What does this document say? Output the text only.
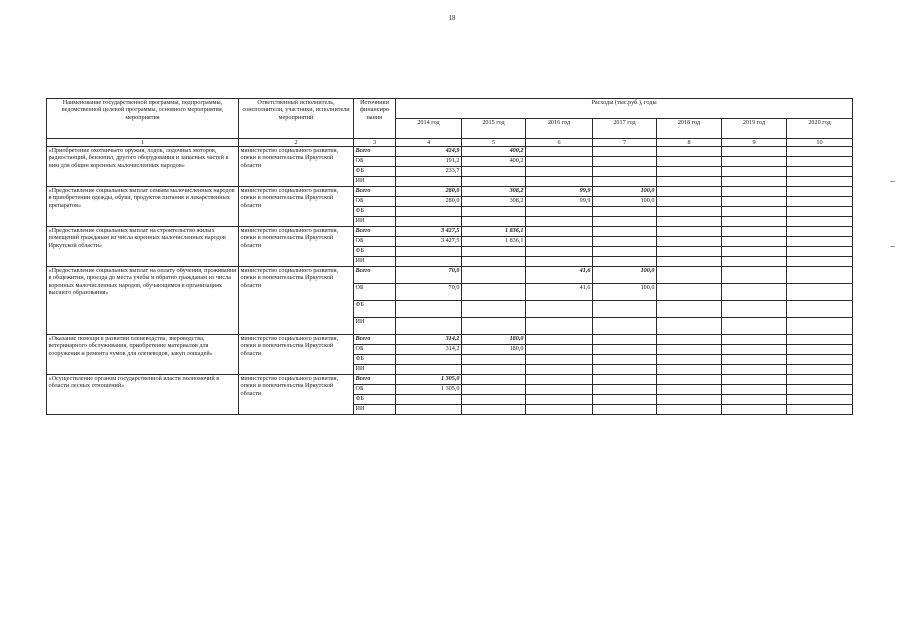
18
Наименование государственной программы, подпрограммы, ведомственной целевой программы, основного мероприятия, мероприятия	Ответственный исполнитель, соисполнители, участники, исполнители мероприятий	Источники финансиро вания	Расходы (тыс.руб.), годы						
			2014 год	2015 год	2016 год	2017 год	2018 год	2019 год	2020 год
1	2	3	4	5	6	7	8	9	10
«Приобретение охотничьего оружия, лодок, лодочных моторов, радиостанций, бензопил, другого оборудования и запасных частей к ним для общин коренных малочисленных народов»	министерство социального развития, опеки и попечительства Иркутской области	Всего	424,9	400,2					
		ОБ	191,2	400,2					
		ФБ	233,7						
		ИИ							
«Предоставление социальных выплат семьям малочисленных народов в приобретении одежды, обуви, продуктов питания и лекарственных препаратов»	министерство социального развития, опеки и попечительства Иркутской области	Всего	280,0	308,2	99,9	100,0			
		ОБ	280,0	308,2	99,9	100,0			
		ФБ							
		ИИ							
«Предоставление социальных выплат на строительство жилых помещений гражданам из числа коренных малочисленных народов Иркутской области»	министерство социального развития, опеки и попечительства Иркутской области	Всего	3 427,5	1 836,1					
		ОБ	3 427,5	1 836,1					
		ФБ							
		ИИ							
«Предоставление социальных выплат на оплату обучения, проживания в общежитии, проезда до места учебы и обратно гражданам из числа коренных малочисленных народов, обучающимся в организациях высшего образования»	министерство социального развития, опеки и попечительства Иркутской области	Всего	70,0		41,6	100,0			
		ОБ	70,0		41,6	100,0			
		ФБ							
		ИИ							
«Оказание помощи в развитии оленеводства, звероводства, ветеринарного обслуживания, приобретение материалов для сооружения и ремонта чумов для оленеводов, закуп лошадей»	министерство социального развития, опеки и попечительства Иркутской области	Всего	314,2	180,0					
		ОБ	314,2	180,0					
		ФБ							
		ИИ							
«Осуществление органом государственной власти полномочий в области лесных отношений»	министерство социального развития, опеки и попечительства Иркутской области	Всего	1 305,0						
		ОБ	1 305,0						
		ФБ							
		ИИ							
